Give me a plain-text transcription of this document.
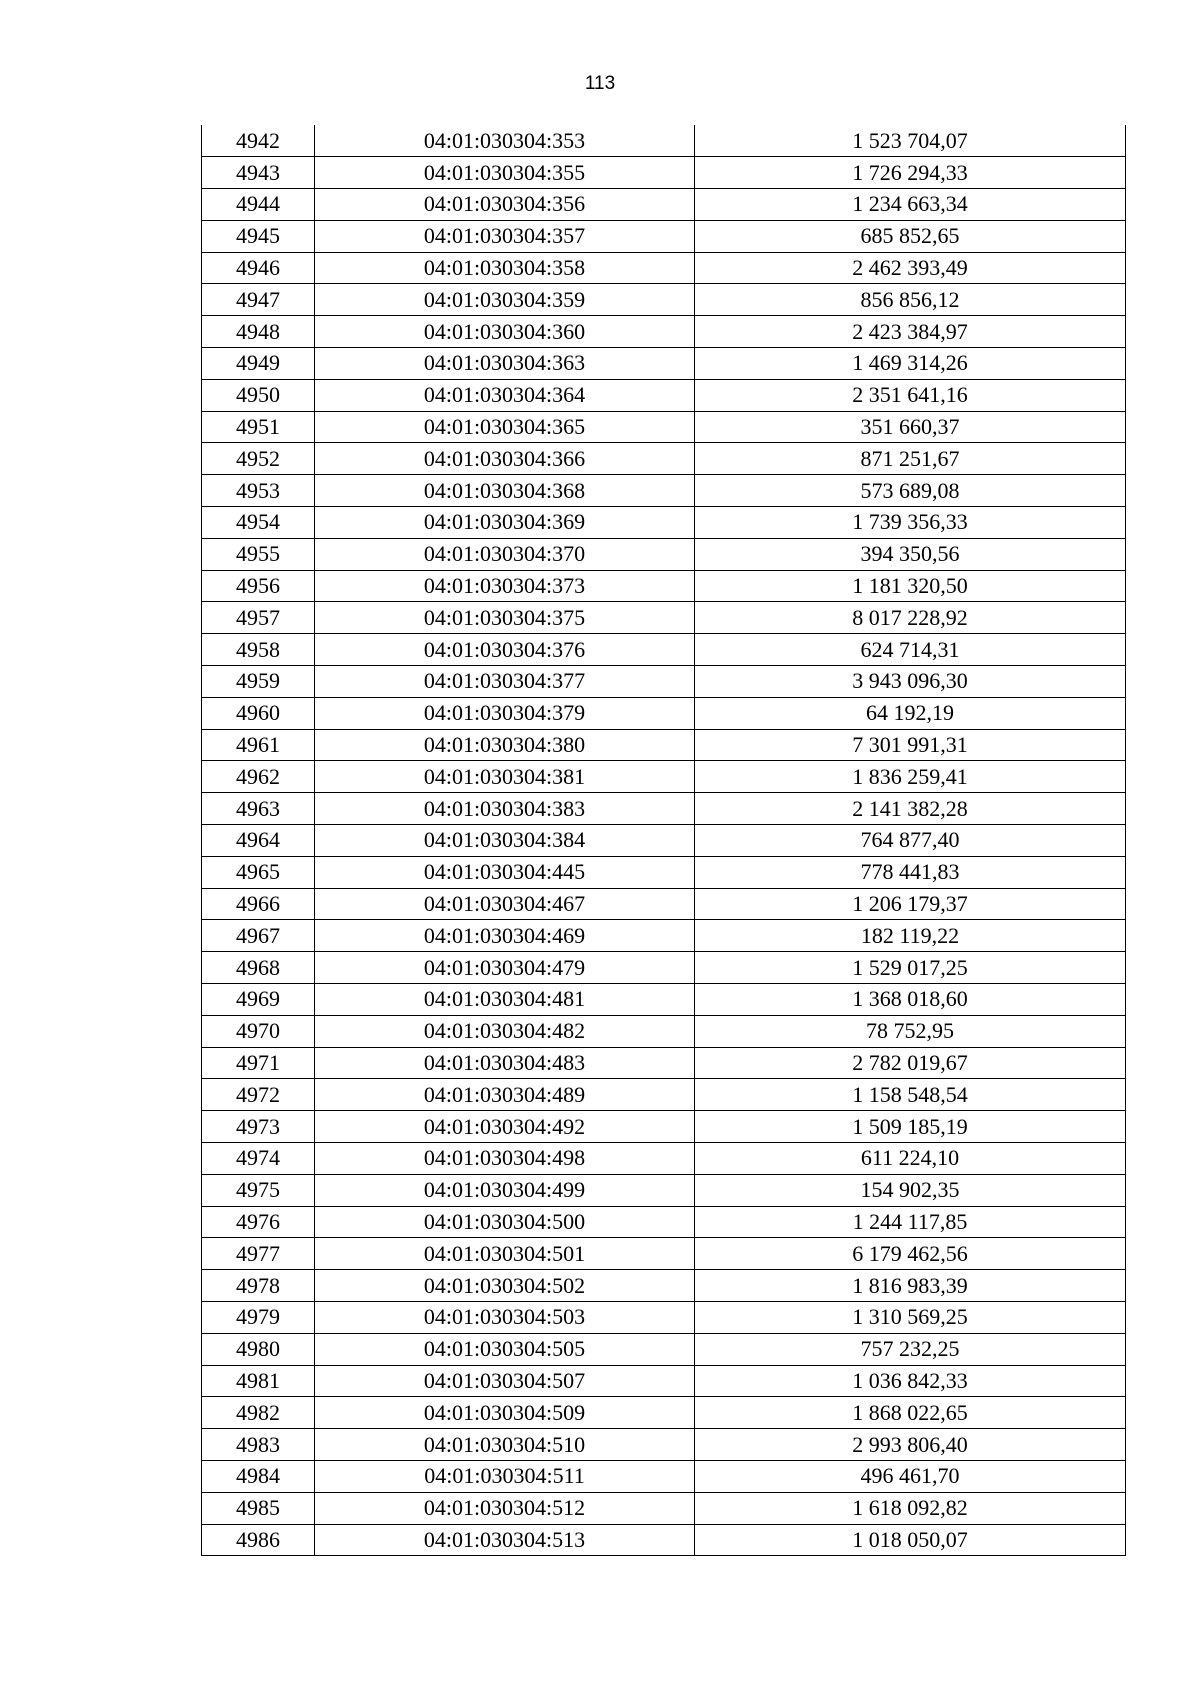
113
4942	04:01:030304:353	1 523 704,07
4943	04:01:030304:355	1 726 294,33
4944	04:01:030304:356	1 234 663,34
4945	04:01:030304:357	685 852,65
4946	04:01:030304:358	2 462 393,49
4947	04:01:030304:359	856 856,12
4948	04:01:030304:360	2 423 384,97
4949	04:01:030304:363	1 469 314,26
4950	04:01:030304:364	2 351 641,16
4951	04:01:030304:365	351 660,37
4952	04:01:030304:366	871 251,67
4953	04:01:030304:368	573 689,08
4954	04:01:030304:369	1 739 356,33
4955	04:01:030304:370	394 350,56
4956	04:01:030304:373	1 181 320,50
4957	04:01:030304:375	8 017 228,92
4958	04:01:030304:376	624 714,31
4959	04:01:030304:377	3 943 096,30
4960	04:01:030304:379	64 192,19
4961	04:01:030304:380	7 301 991,31
4962	04:01:030304:381	1 836 259,41
4963	04:01:030304:383	2 141 382,28
4964	04:01:030304:384	764 877,40
4965	04:01:030304:445	778 441,83
4966	04:01:030304:467	1 206 179,37
4967	04:01:030304:469	182 119,22
4968	04:01:030304:479	1 529 017,25
4969	04:01:030304:481	1 368 018,60
4970	04:01:030304:482	78 752,95
4971	04:01:030304:483	2 782 019,67
4972	04:01:030304:489	1 158 548,54
4973	04:01:030304:492	1 509 185,19
4974	04:01:030304:498	611 224,10
4975	04:01:030304:499	154 902,35
4976	04:01:030304:500	1 244 117,85
4977	04:01:030304:501	6 179 462,56
4978	04:01:030304:502	1 816 983,39
4979	04:01:030304:503	1 310 569,25
4980	04:01:030304:505	757 232,25
4981	04:01:030304:507	1 036 842,33
4982	04:01:030304:509	1 868 022,65
4983	04:01:030304:510	2 993 806,40
4984	04:01:030304:511	496 461,70
4985	04:01:030304:512	1 618 092,82
4986	04:01:030304:513	1 018 050,07
